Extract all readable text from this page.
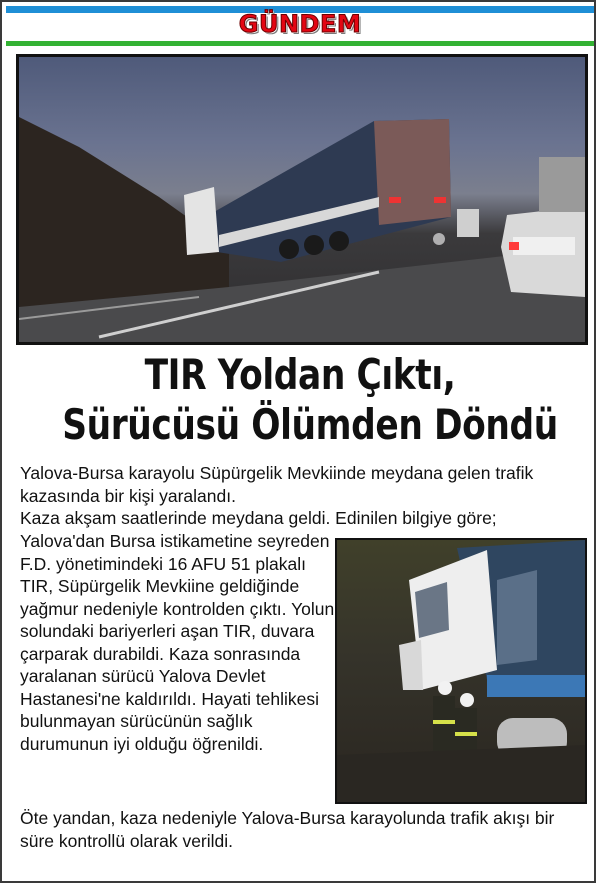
GÜNDEM
TIR Yoldan Çıktı,
Sürücüsü Ölümden Döndü

Yalova-Bursa karayolu Süpürgelik Mevkiinde meydana gelen trafik kazasında bir kişi yaralandı.

Kaza akşam saatlerinde meydana geldi. Edinilen bilgiye göre;

Yalova'dan Bursa istikametine seyreden F.D. yönetimindeki 16 AFU 51 plakalı TIR, Süpürgelik Mevkiine geldiğinde yağmur nedeniyle kontrolden çıktı. Yolun solundaki bariyerleri aşan TIR, duvara çarparak durabildi. Kaza sonrasında yaralanan sürücü Yalova Devlet Hastanesi'ne kaldırıldı. Hayati tehlikesi bulunmayan sürücünün sağlık durumunun iyi olduğu öğrenildi.

Öte yandan, kaza nedeniyle Yalova-Bursa karayolunda trafik akışı bir süre kontrollü olarak verildi.
